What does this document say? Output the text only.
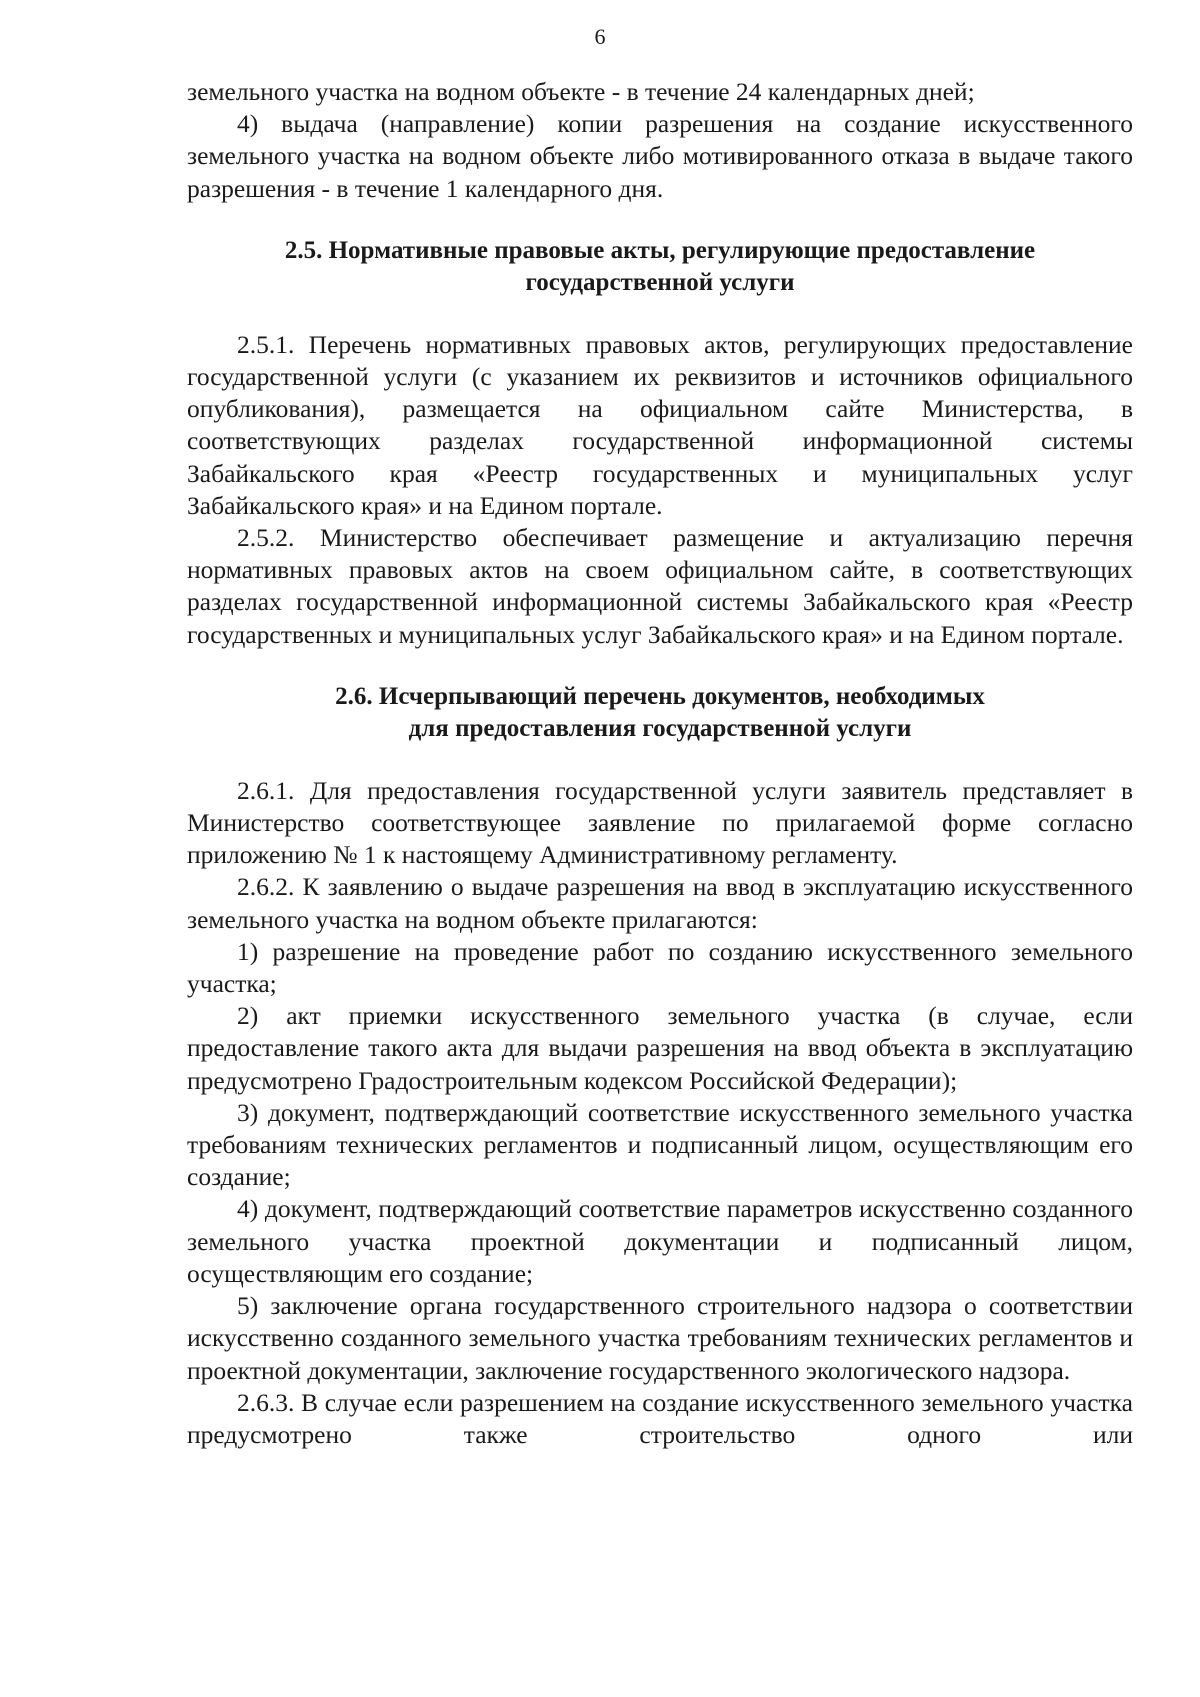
6

земельного участка на водном объекте - в течение 24 календарных дней;

4) выдача (направление) копии разрешения на создание искусственного земельного участка на водном объекте либо мотивированного отказа в выдаче такого разрешения - в течение 1 календарного дня.

2.5. Нормативные правовые акты, регулирующие предоставление
государственной услуги

2.5.1. Перечень нормативных правовых актов, регулирующих предоставление государственной услуги (с указанием их реквизитов и источников официального опубликования), размещается на официальном сайте Министерства, в соответствующих разделах государственной информационной системы Забайкальского края «Реестр государственных и муниципальных услуг Забайкальского края» и на Едином портале.

2.5.2. Министерство обеспечивает размещение и актуализацию перечня нормативных правовых актов на своем официальном сайте, в соответствующих разделах государственной информационной системы Забайкальского края «Реестр государственных и муниципальных услуг Забайкальского края» и на Едином портале.

2.6. Исчерпывающий перечень документов, необходимых
для предоставления государственной услуги

2.6.1. Для предоставления государственной услуги заявитель представляет в Министерство соответствующее заявление по прилагаемой форме согласно приложению № 1 к настоящему Административному регламенту.

2.6.2. К заявлению о выдаче разрешения на ввод в эксплуатацию искусственного земельного участка на водном объекте прилагаются:

1) разрешение на проведение работ по созданию искусственного земельного участка;

2) акт приемки искусственного земельного участка (в случае, если предоставление такого акта для выдачи разрешения на ввод объекта в эксплуатацию предусмотрено Градостроительным кодексом Российской Федерации);

3) документ, подтверждающий соответствие искусственного земельного участка требованиям технических регламентов и подписанный лицом, осуществляющим его создание;

4) документ, подтверждающий соответствие параметров искусственно созданного земельного участка проектной документации и подписанный лицом, осуществляющим его создание;

5) заключение органа государственного строительного надзора о соответствии искусственно созданного земельного участка требованиям технических регламентов и проектной документации, заключение государственного экологического надзора.

2.6.3. В случае если разрешением на создание искусственного земельного участка предусмотрено также строительство одного или
